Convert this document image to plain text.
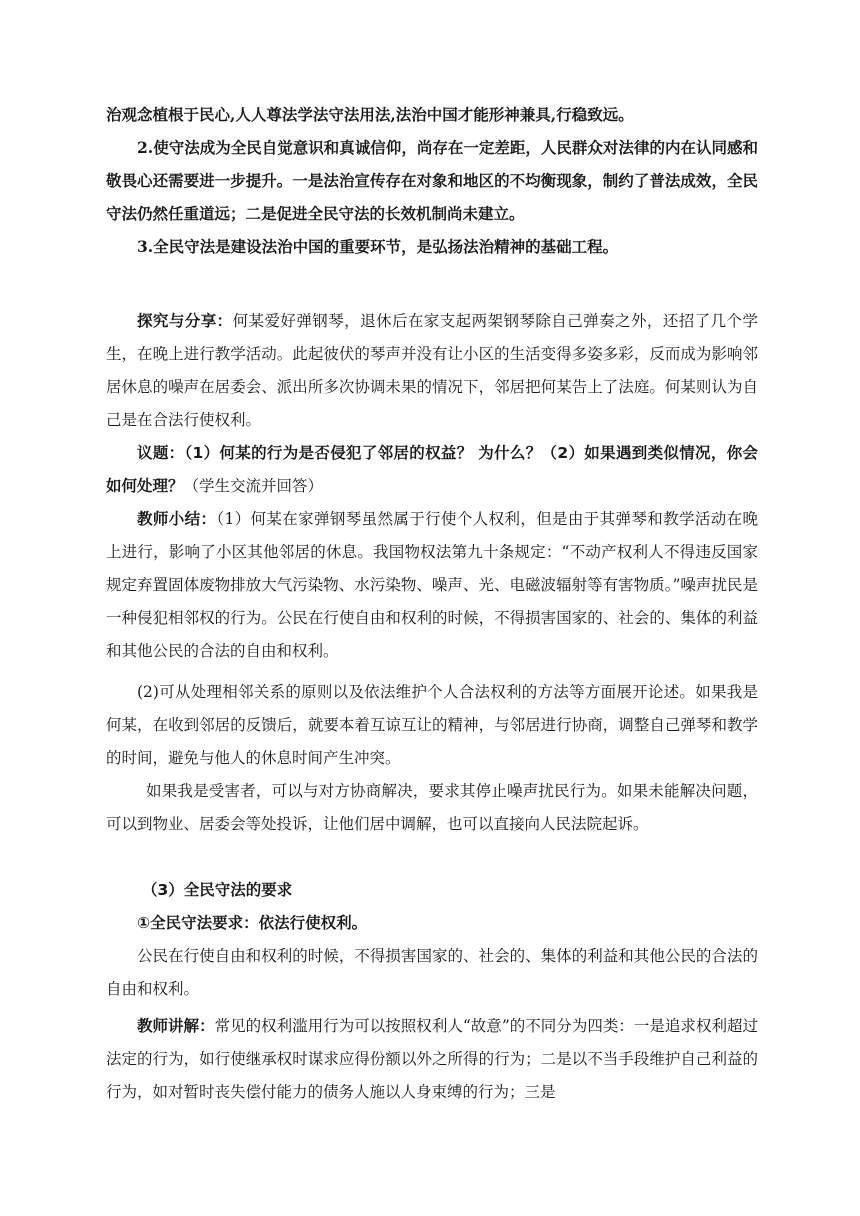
治观念植根于民心,人人尊法学法守法用法,法治中国才能形神兼具,行稳致远。

2.使守法成为全民自觉意识和真诚信仰，尚存在一定差距，人民群众对法律的内在认同感和敬畏心还需要进一步提升。一是法治宣传存在对象和地区的不均衡现象，制约了普法成效，全民守法仍然任重道远；二是促进全民守法的长效机制尚未建立。

3.全民守法是建设法治中国的重要环节，是弘扬法治精神的基础工程。

探究与分享：何某爱好弹钢琴，退休后在家支起两架钢琴除自己弹奏之外，还招了几个学生，在晚上进行教学活动。此起彼伏的琴声并没有让小区的生活变得多姿多彩，反而成为影响邻居休息的噪声在居委会、派出所多次协调未果的情况下，邻居把何某告上了法庭。何某则认为自己是在合法行使权利。

议题：（1）何某的行为是否侵犯了邻居的权益？ 为什么？（2）如果遇到类似情况，你会如何处理？（学生交流并回答）

教师小结：（1）何某在家弹钢琴虽然属于行使个人权利，但是由于其弹琴和教学活动在晚上进行，影响了小区其他邻居的休息。我国物权法第九十条规定：“不动产权利人不得违反国家规定弃置固体废物排放大气污染物、水污染物、噪声、光、电磁波辐射等有害物质。”噪声扰民是一种侵犯相邻权的行为。公民在行使自由和权利的时候，不得损害国家的、社会的、集体的利益和其他公民的合法的自由和权利。

(2)可从处理相邻关系的原则以及依法维护个人合法权利的方法等方面展开论述。如果我是何某，在收到邻居的反馈后，就要本着互谅互让的精神，与邻居进行协商，调整自己弹琴和教学的时间，避免与他人的休息时间产生冲突。

如果我是受害者，可以与对方协商解决，要求其停止噪声扰民行为。如果未能解决问题，可以到物业、居委会等处投诉，让他们居中调解，也可以直接向人民法院起诉。

（3）全民守法的要求

①全民守法要求：依法行使权利。

公民在行使自由和权利的时候，不得损害国家的、社会的、集体的利益和其他公民的合法的自由和权利。

教师讲解：常见的权利滥用行为可以按照权利人“故意”的不同分为四类：一是追求权利超过法定的行为，如行使继承权时谋求应得份额以外之所得的行为；二是以不当手段维护自己利益的行为，如对暂时丧失偿付能力的债务人施以人身束缚的行为；三是
